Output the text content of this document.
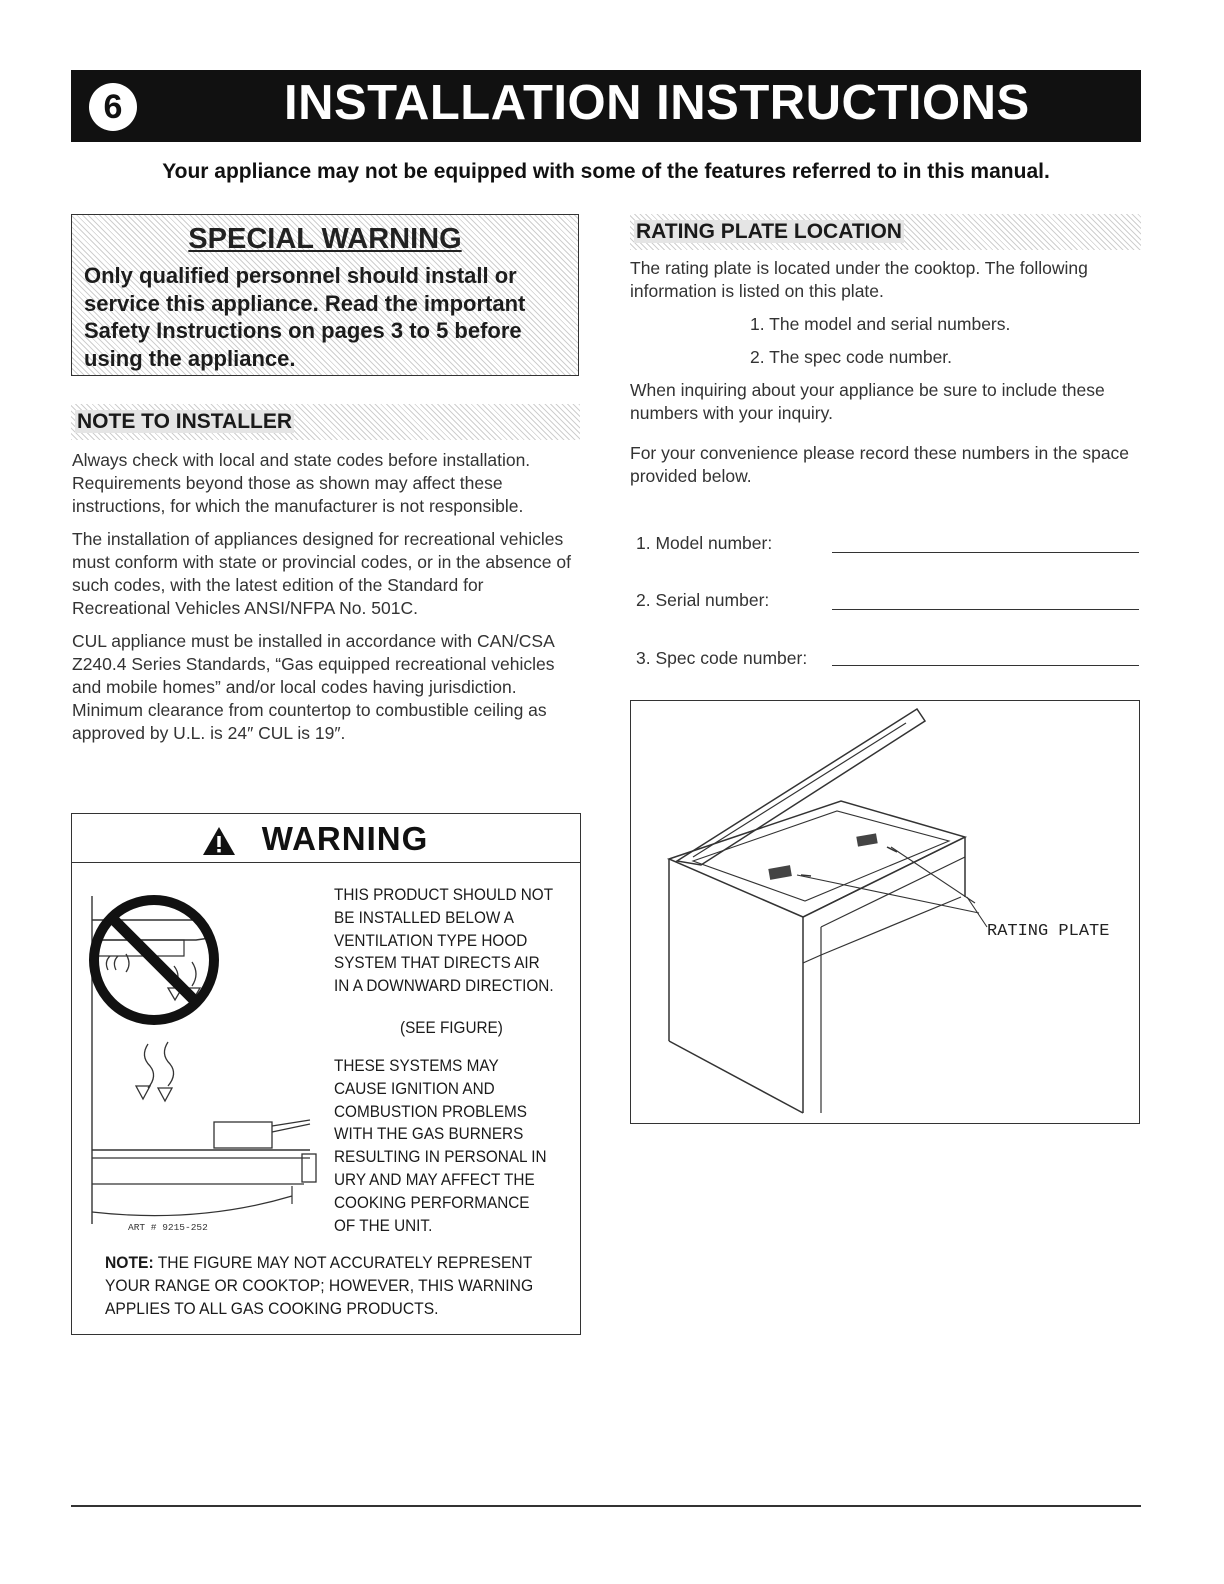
6	INSTALLATION INSTRUCTIONS
Your appliance may not be equipped with some of the features referred to in this manual.
SPECIAL WARNING
Only qualified personnel should install or service this appliance. Read the important Safety Instructions on pages 3 to 5 before using the appliance.
NOTE TO INSTALLER

Always check with local and state codes before installation. Requirements beyond those as shown may affect these instructions, for which the manufacturer is not responsible.

The installation of appliances designed for recreational vehicles must conform with state or provincial codes, or in the absence of such codes, with the latest edition of the Standard for Recreational Vehicles ANSI/NFPA No. 501C.

CUL appliance must be installed in accordance with CAN/CSA Z240.4 Series Standards, “Gas equipped recreational vehicles and mobile homes” and/or local codes having jurisdiction. Minimum clearance from countertop to combustible ceiling as approved by U.L. is 24″ CUL is 19″.

WARNING
ART # 9215-252
THIS PRODUCT SHOULD NOT BE INSTALLED BELOW A VENTILATION TYPE HOOD SYSTEM THAT DIRECTS AIR IN A DOWNWARD DIRECTION.
(SEE FIGURE)
THESE SYSTEMS MAY CAUSE IGNITION AND COMBUSTION PROBLEMS WITH THE GAS BURNERS RESULTING IN PERSONAL IN URY AND MAY AFFECT THE COOKING PERFORMANCE OF THE UNIT.
NOTE: THE FIGURE MAY NOT ACCURATELY REPRESENT YOUR RANGE OR COOKTOP; HOWEVER, THIS WARNING APPLIES TO ALL GAS COOKING PRODUCTS.
RATING PLATE LOCATION
The rating plate is located under the cooktop. The following information is listed on this plate.
1. The model and serial numbers.
2. The spec code number.
When inquiring about your appliance be sure to include these numbers with your inquiry.
For your convenience please record these numbers in the space provided below.
1. Model number:
2. Serial number:
3. Spec code number:
RATING PLATE
